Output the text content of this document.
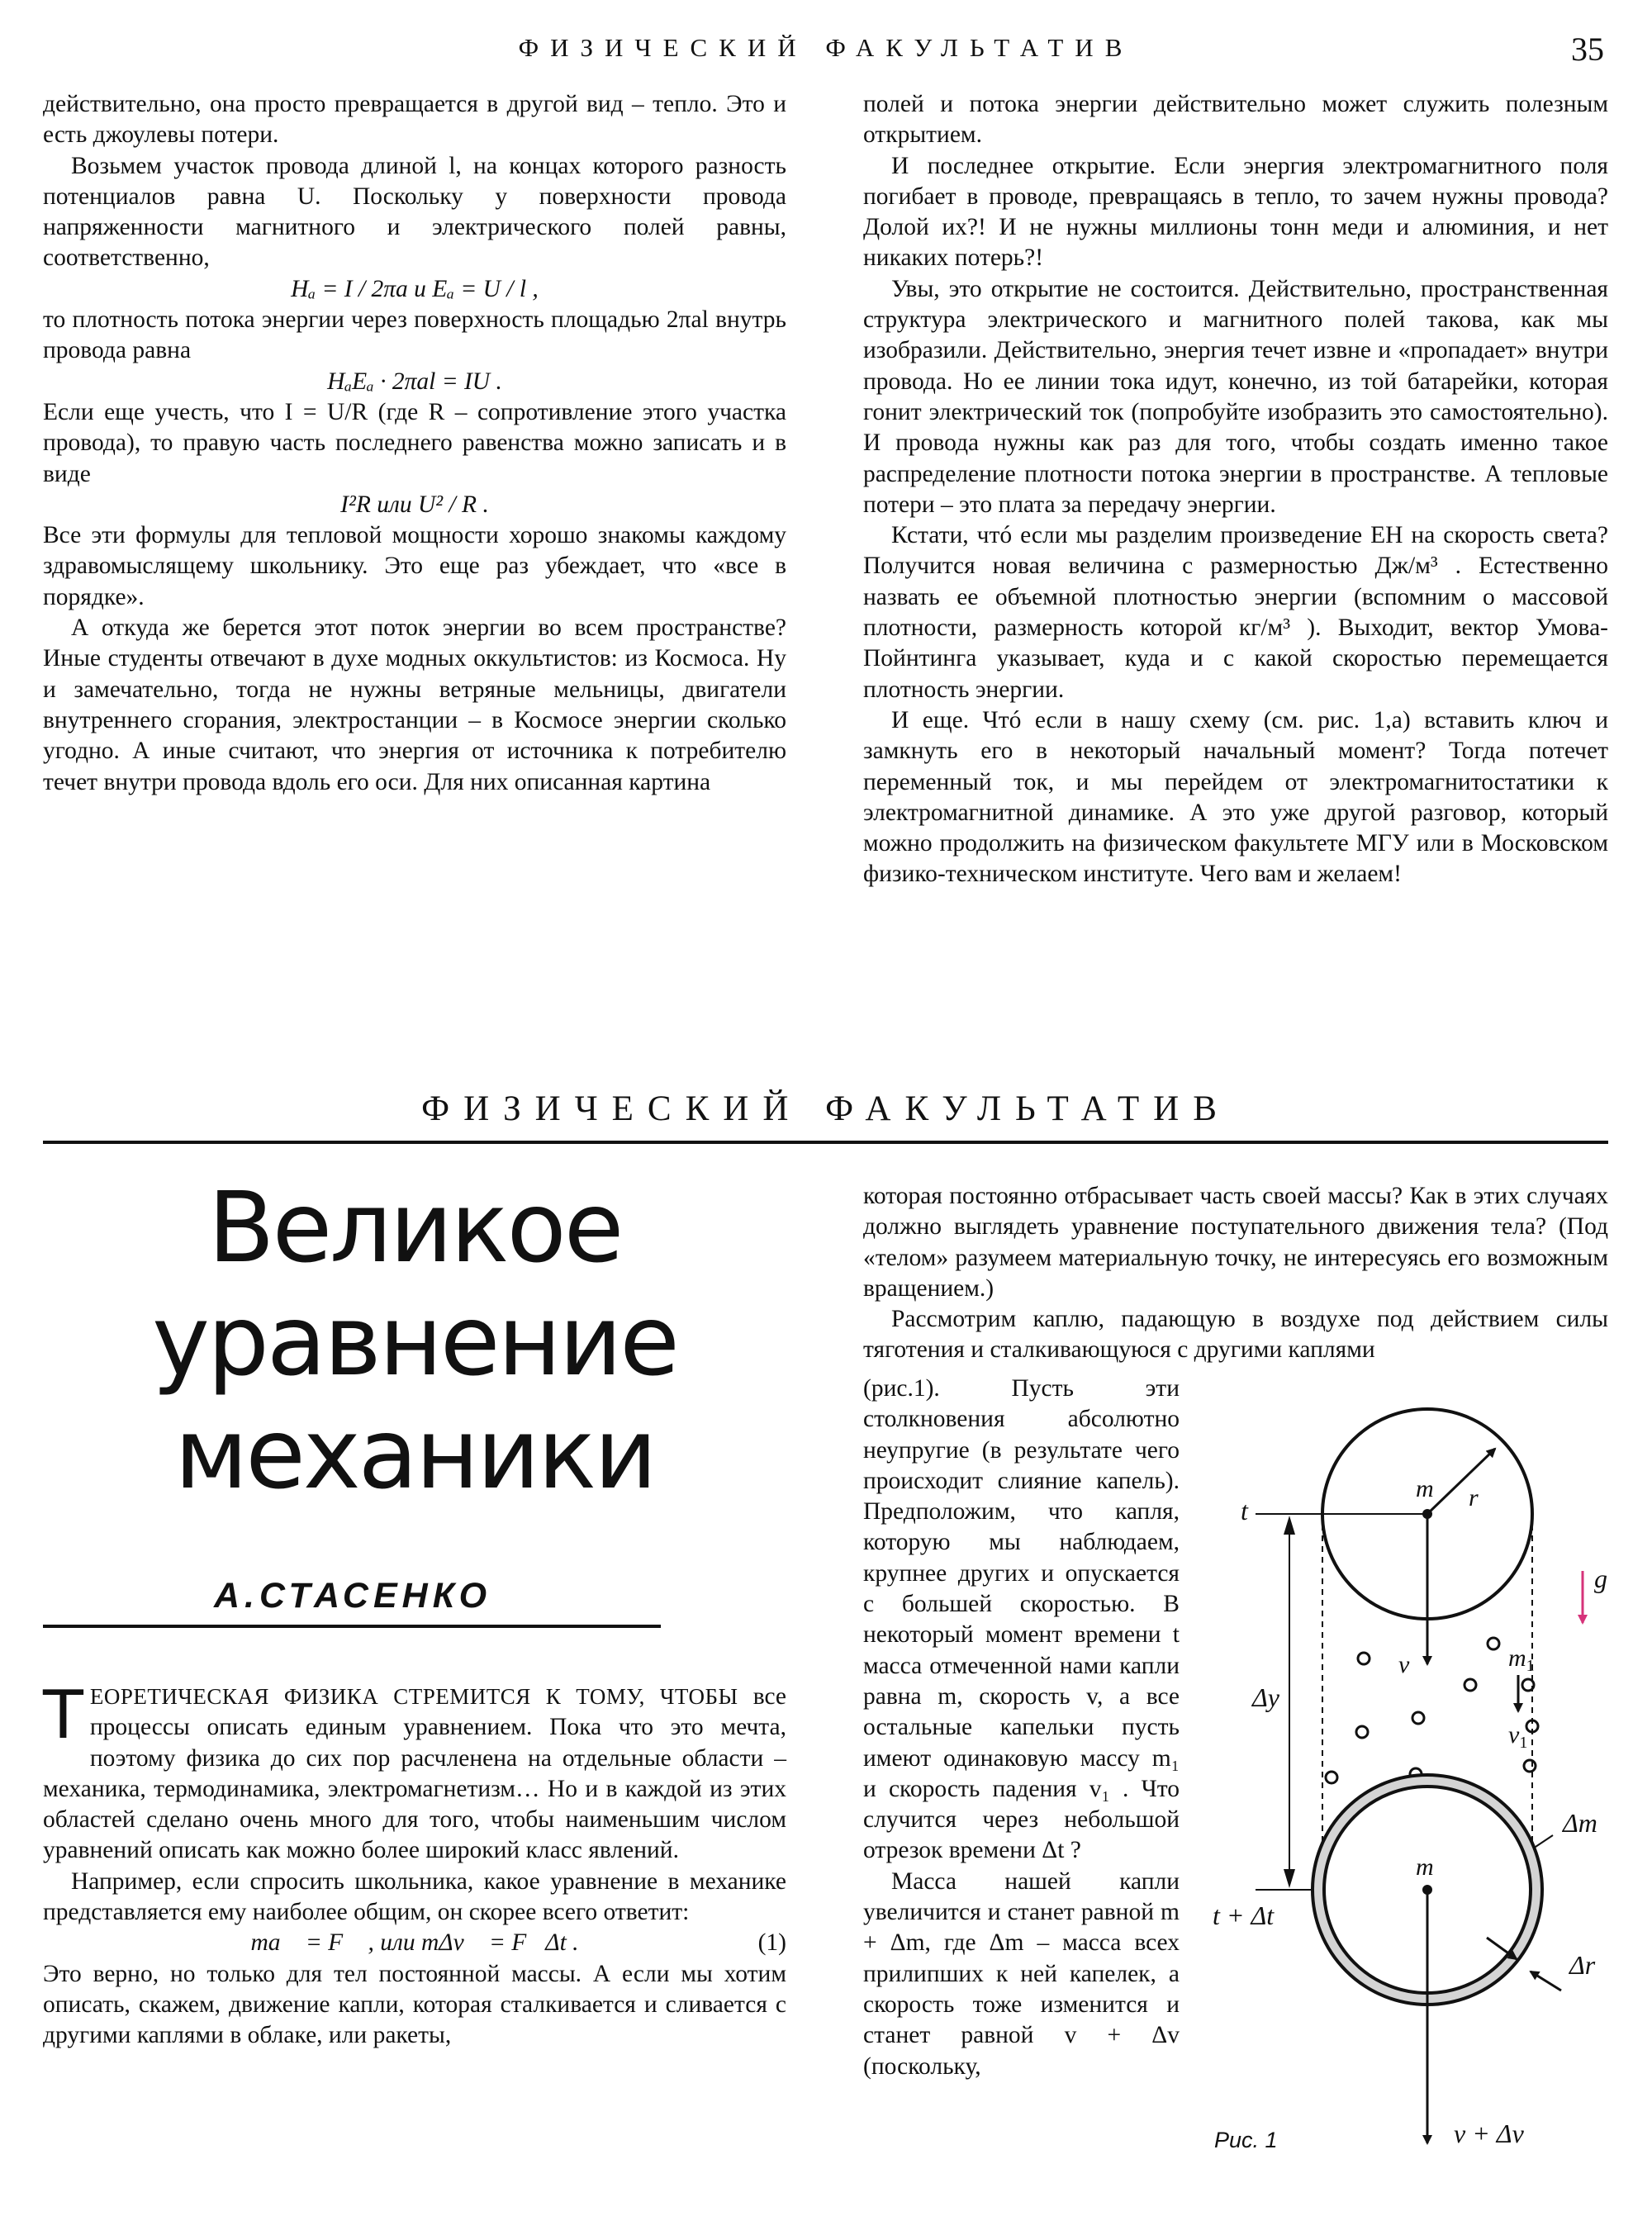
ФИЗИЧЕСКИЙ ФАКУЛЬТАТИВ	35

действительно, она просто превращается в другой вид – тепло. Это и есть джоулевы потери.

Возьмем участок провода длиной l, на концах которого разность потенциалов равна U. Поскольку у поверхности провода напряженности магнитного и электрического полей равны, соответственно,

Hₐ = I / 2πa и Eₐ = U / l ,

то плотность потока энергии через поверхность площадью 2πal внутрь провода равна

HₐEₐ · 2πal = IU .

Если еще учесть, что I = U/R (где R – сопротивление этого участка провода), то правую часть последнего равенства можно записать и в виде

I²R или U² / R .

Все эти формулы для тепловой мощности хорошо знакомы каждому здравомыслящему школьнику. Это еще раз убеждает, что «все в порядке».

А откуда же берется этот поток энергии во всем пространстве? Иные студенты отвечают в духе модных оккультистов: из Космоса. Ну и замечательно, тогда не нужны ветряные мельницы, двигатели внутреннего сгорания, электростанции – в Космосе энергии сколько угодно. А иные считают, что энергия от источника к потребителю течет внутри провода вдоль его оси. Для них описанная картина

полей и потока энергии действительно может служить полезным открытием.

И последнее открытие. Если энергия электромагнитного поля погибает в проводе, превращаясь в тепло, то зачем нужны провода? Долой их?! И не нужны миллионы тонн меди и алюминия, и нет никаких потерь?!

Увы, это открытие не состоится. Действительно, пространственная структура электрического и магнитного полей такова, как мы изобразили. Действительно, энергия течет извне и «пропадает» внутри провода. Но ее линии тока идут, конечно, из той батарейки, которая гонит электрический ток (попробуйте изобразить это самостоятельно). И провода нужны как раз для того, чтобы создать именно такое распределение плотности потока энергии в пространстве. А тепловые потери – это плата за передачу энергии.

Кстати, чтó если мы разделим произведение EH на скорость света? Получится новая величина с размерностью Дж/м³ . Естественно назвать ее объемной плотностью энергии (вспомним о массовой плотности, размерность которой кг/м³ ). Выходит, вектор Умова-Пойнтинга указывает, куда и с какой скоростью перемещается плотность энергии.

И еще. Чтó если в нашу схему (см. рис. 1,а) вставить ключ и замкнуть его в некоторый начальный момент? Тогда потечет переменный ток, и мы перейдем от электромагнитостатики к электромагнитной динамике. А это уже другой разговор, который можно продолжить на физическом факультете МГУ или в Московском физико-техническом институте. Чего вам и желаем!

ФИЗИЧЕСКИЙ ФАКУЛЬТАТИВ
Великое
уравнение
механики
А.СТАСЕНКО

Т ЕОРЕТИЧЕСКАЯ ФИЗИКА СТРЕМИТСЯ К ТОМУ, ЧТОБЫ все процессы описать единым уравнением. Пока что это мечта, поэтому физика до сих пор расчленена на отдельные области – механика, термодинамика, электромагнетизм… Но и в каждой из этих областей сделано очень много для того, чтобы наименьшим числом уравнений описать как можно более широкий класс явлений.

Например, если спросить школьника, какое уравнение в механике представляется ему наиболее общим, он скорее всего ответит:

ma⃗ = F⃗ , или mΔv⃗ = F⃗Δt .	(1)

Это верно, но только для тел постоянной массы. А если мы хотим описать, скажем, движение капли, которая сталкивается и сливается с другими каплями в облаке, или ракеты,

которая постоянно отбрасывает часть своей массы? Как в этих случаях должно выглядеть уравнение поступательного движения тела? (Под «телом» разумеем материальную точку, не интересуясь его возможным вращением.)

Рассмотрим каплю, падающую в воздухе под действием силы тяготения и сталкивающуюся с другими каплями

(рис.1). Пусть эти столкновения абсолютно неупругие (в результате чего происходит слияние капель). Предположим, что капля, которую мы наблюдаем, крупнее других и опускается с большей скоростью. В некоторый момент времени t масса отмеченной нами капли равна m, скорость v, а все остальные капельки пусть имеют одинаковую массу m₁ и скорость падения v₁ . Что случится через небольшой отрезок времени Δt ?

Масса нашей капли увеличится и станет равной m + Δm, где Δm – масса всех прилипших к ней капелек, а скорость тоже изменится и станет равной v + Δv (поскольку,

m r
t
g
v	$m_1$
$v_1$
Δy
Δm
m
t + Δt
Δr
v + Δv
Рис. 1
